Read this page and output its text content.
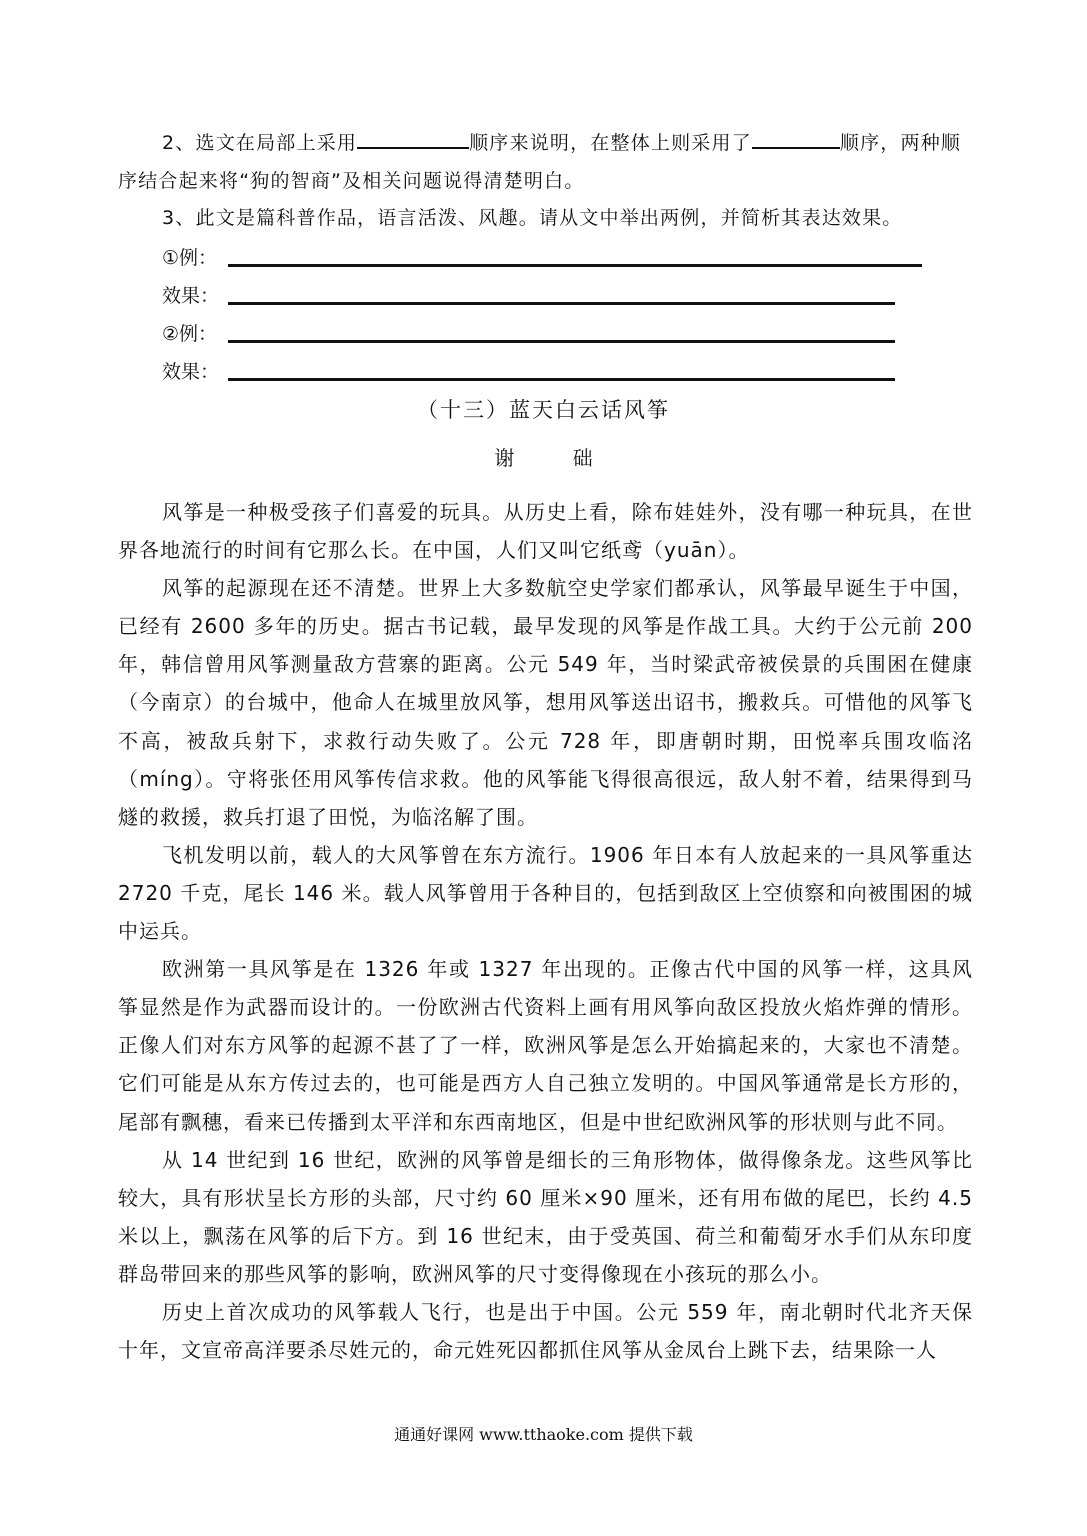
2、选文在局部上采用	顺序来说明，在整体上则采用了	顺序，两种顺序结合起来将“狗的智商”及相关问题说得清楚明白。
3、此文是篇科普作品，语言活泼、风趣。请从文中举出两例，并简析其表达效果。
①例：
效果：
②例：
效果：
（十三）蓝天白云话风筝
谢 础

风筝是一种极受孩子们喜爱的玩具。从历史上看，除布娃娃外，没有哪一种玩具，在世界各地流行的时间有它那么长。在中国，人们又叫它纸鸢（yuān）。

风筝的起源现在还不清楚。世界上大多数航空史学家们都承认，风筝最早诞生于中国，已经有 2600 多年的历史。据古书记载，最早发现的风筝是作战工具。大约于公元前 200 年，韩信曾用风筝测量敌方营寨的距离。公元 549 年，当时梁武帝被侯景的兵围困在健康（今南京）的台城中，他命人在城里放风筝，想用风筝送出诏书，搬救兵。可惜他的风筝飞不高，被敌兵射下，求救行动失败了。公元 728 年，即唐朝时期，田悦率兵围攻临洺（míng）。守将张伾用风筝传信求救。他的风筝能飞得很高很远，敌人射不着，结果得到马燧的救援，救兵打退了田悦，为临洺解了围。

飞机发明以前，载人的大风筝曾在东方流行。1906 年日本有人放起来的一具风筝重达 2720 千克，尾长 146 米。载人风筝曾用于各种目的，包括到敌区上空侦察和向被围困的城中运兵。

欧洲第一具风筝是在 1326 年或 1327 年出现的。正像古代中国的风筝一样，这具风筝显然是作为武器而设计的。一份欧洲古代资料上画有用风筝向敌区投放火焰炸弹的情形。正像人们对东方风筝的起源不甚了了一样，欧洲风筝是怎么开始搞起来的，大家也不清楚。它们可能是从东方传过去的，也可能是西方人自己独立发明的。中国风筝通常是长方形的，尾部有飘穗，看来已传播到太平洋和东西南地区，但是中世纪欧洲风筝的形状则与此不同。

从 14 世纪到 16 世纪，欧洲的风筝曾是细长的三角形物体，做得像条龙。这些风筝比较大，具有形状呈长方形的头部，尺寸约 60 厘米×90 厘米，还有用布做的尾巴，长约 4.5 米以上，飘荡在风筝的后下方。到 16 世纪末，由于受英国、荷兰和葡萄牙水手们从东印度群岛带回来的那些风筝的影响，欧洲风筝的尺寸变得像现在小孩玩的那么小。

历史上首次成功的风筝载人飞行，也是出于中国。公元 559 年，南北朝时代北齐天保十年，文宣帝高洋要杀尽姓元的，命元姓死囚都抓住风筝从金凤台上跳下去，结果除一人

通通好课网 www.tthaoke.com 提供下载
